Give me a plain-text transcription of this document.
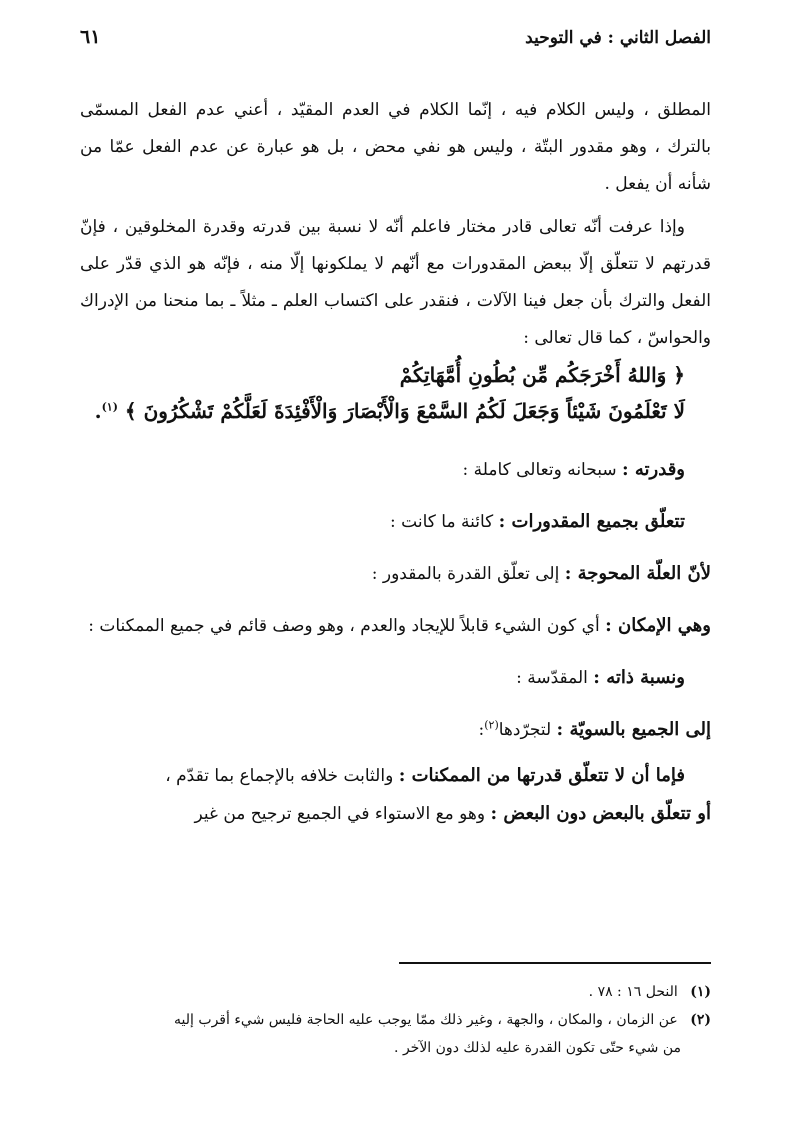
الفصل الثاني : في التوحيد
٦١

المطلق ، وليس الكلام فيه ، إنّما الكلام في العدم المقيّد ، أعني عدم الفعل المسمّى بالترك ، وهو مقدور البتّة ، وليس هو نفي محض ، بل هو عبارة عن عدم الفعل عمّا من شأنه أن يفعل .

وإذا عرفت أنّه تعالى قادر مختار فاعلم أنّه لا نسبة بين قدرته وقدرة المخلوقين ، فإنّ قدرتهم لا تتعلّق إلّا ببعض المقدورات مع أنّهم لا يملكونها إلّا منه ، فإنّه هو الذي قدّر على الفعل والترك بأن جعل فينا الآلات ، فنقدر على اكتساب العلم ـ مثلاً ـ بما منحنا من الإدراك والحواسّ ، كما قال تعالى :
﴿ وَاللهُ أَخْرَجَكُم مِّن بُطُونِ أُمَّهَاتِكُمْ
لَا تَعْلَمُونَ شَيْئاً وَجَعَلَ لَكُمُ السَّمْعَ وَالْأَبْصَارَ وَالْأَفْئِدَةَ لَعَلَّكُمْ تَشْكُرُونَ ﴾ $^{(١)}$.

وقدرته : سبحانه وتعالى كاملة :

تتعلّق بجميع المقدورات : كائنة ما كانت :

لأنّ العلّة المحوجة : إلى تعلّق القدرة بالمقدور :

وهي الإمكان : أي كون الشيء قابلاً للإيجاد والعدم ، وهو وصف قائم في جميع الممكنات :

ونسبة ذاته : المقدّسة :

إلى الجميع بالسويّة : لتجرّدها$^{(٢)}$:

فإما أن لا تتعلّق قدرتها من الممكنات : والثابت خلافه بالإجماع بما تقدّم ،

أو تتعلّق بالبعض دون البعض : وهو مع الاستواء في الجميع ترجيح من غير

(١) النحل ١٦ : ٧٨ .

(٢) عن الزمان ، والمكان ، والجهة ، وغير ذلك ممّا يوجب عليه الحاجة فليس شيء أقرب إليه

من شيء حتّى تكون القدرة عليه لذلك دون الآخر .
